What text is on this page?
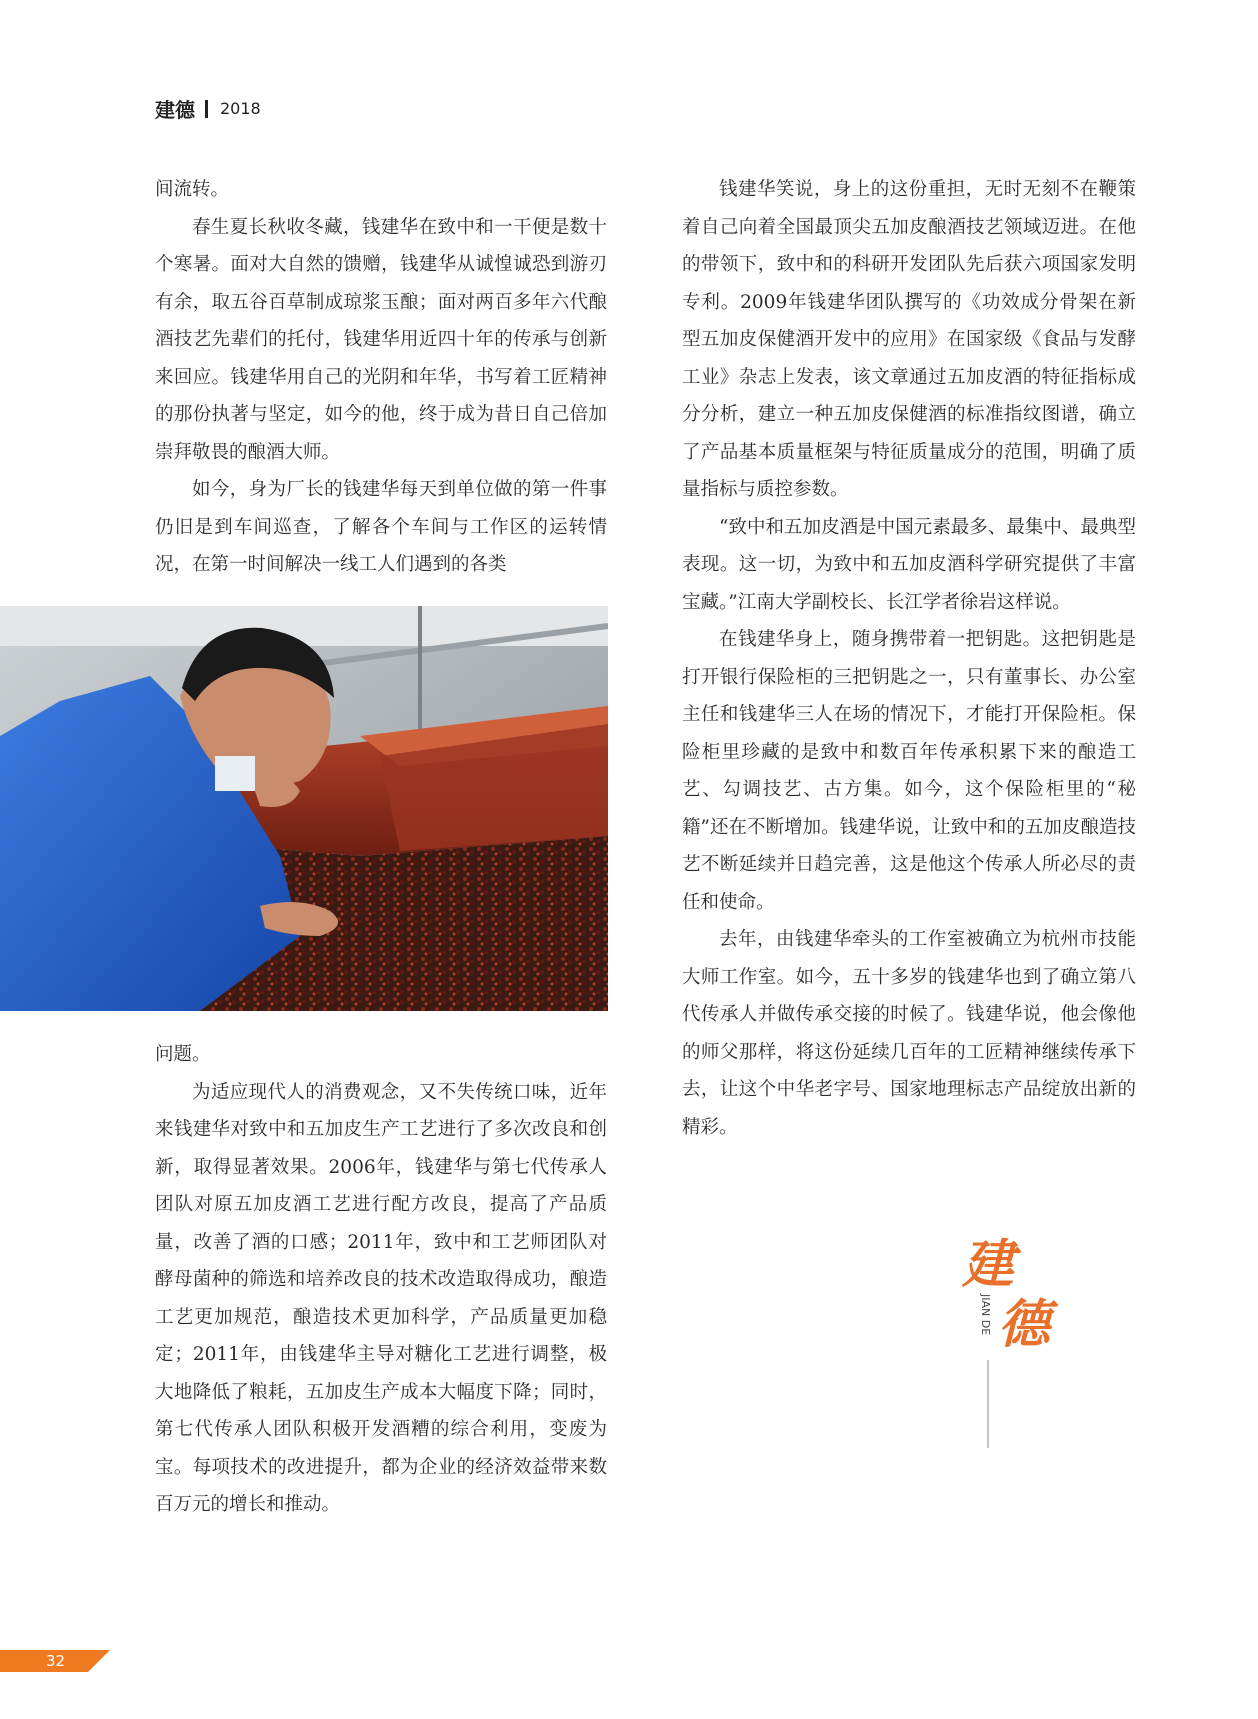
建德 2018

间流转。

春生夏长秋收冬藏，钱建华在致中和一干便是数十个寒暑。面对大自然的馈赠，钱建华从诚惶诚恐到游刃有余，取五谷百草制成琼浆玉酿；面对两百多年六代酿酒技艺先辈们的托付，钱建华用近四十年的传承与创新来回应。钱建华用自己的光阴和年华，书写着工匠精神的那份执著与坚定，如今的他，终于成为昔日自己倍加崇拜敬畏的酿酒大师。

如今，身为厂长的钱建华每天到单位做的第一件事仍旧是到车间巡查，了解各个车间与工作区的运转情况，在第一时间解决一线工人们遇到的各类

问题。

为适应现代人的消费观念，又不失传统口味，近年来钱建华对致中和五加皮生产工艺进行了多次改良和创新，取得显著效果。2006年，钱建华与第七代传承人团队对原五加皮酒工艺进行配方改良，提高了产品质量，改善了酒的口感；2011年，致中和工艺师团队对酵母菌种的筛选和培养改良的技术改造取得成功，酿造工艺更加规范，酿造技术更加科学，产品质量更加稳定；2011年，由钱建华主导对糖化工艺进行调整，极大地降低了粮耗，五加皮生产成本大幅度下降；同时，第七代传承人团队积极开发酒糟的综合利用，变废为宝。每项技术的改进提升，都为企业的经济效益带来数百万元的增长和推动。

钱建华笑说，身上的这份重担，无时无刻不在鞭策着自己向着全国最顶尖五加皮酿酒技艺领域迈进。在他的带领下，致中和的科研开发团队先后获六项国家发明专利。2009年钱建华团队撰写的《功效成分骨架在新型五加皮保健酒开发中的应用》在国家级《食品与发酵工业》杂志上发表，该文章通过五加皮酒的特征指标成分分析，建立一种五加皮保健酒的标准指纹图谱，确立了产品基本质量框架与特征质量成分的范围，明确了质量指标与质控参数。

“致中和五加皮酒是中国元素最多、最集中、最典型表现。这一切，为致中和五加皮酒科学研究提供了丰富宝藏。”江南大学副校长、长江学者徐岩这样说。

在钱建华身上，随身携带着一把钥匙。这把钥匙是打开银行保险柜的三把钥匙之一，只有董事长、办公室主任和钱建华三人在场的情况下，才能打开保险柜。保险柜里珍藏的是致中和数百年传承积累下来的酿造工艺、勾调技艺、古方集。如今，这个保险柜里的“秘籍”还在不断增加。钱建华说，让致中和的五加皮酿造技艺不断延续并日趋完善，这是他这个传承人所必尽的责任和使命。

去年，由钱建华牵头的工作室被确立为杭州市技能大师工作室。如今，五十多岁的钱建华也到了确立第八代传承人并做传承交接的时候了。钱建华说，他会像他的师父那样，将这份延续几百年的工匠精神继续传承下去，让这个中华老字号、国家地理标志产品绽放出新的精彩。

建
德
JIAN DE
32
